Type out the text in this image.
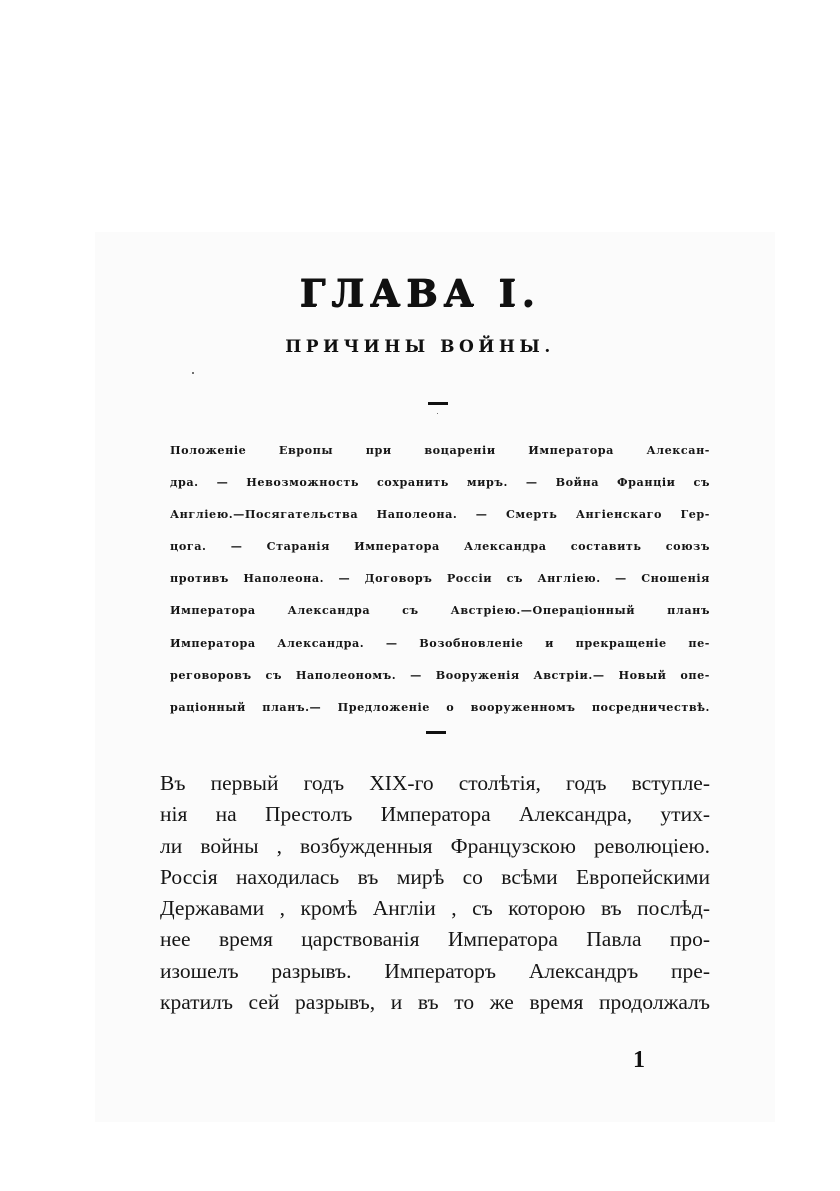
ГЛАВА I.
ПРИЧИНЫ ВОЙНЫ.
Положенiе Европы при воцаренiи Императора Алексан-
дра. — Невозможность сохранить миръ. — Война Францiи съ
Англiею.—Посягательства Наполеона. — Смерть Ангiенскаго Гер-
цога. — Старанiя Императора Александра составить союзъ
противъ Наполеона. — Договоръ Россiи съ Англiею. — Сношенiя
Императора Александра съ Австрiею.—Операцiонный планъ
Императора Александра. — Возобновленiе и прекращенiе пе-
реговоровъ съ Наполеономъ. — Вооруженiя Австрiи.— Новый опе-
рацiонный планъ.— Предложенiе о вооруженномъ посредничествѣ.
Въ первый годъ XIX-го столѣтiя, годъ вступле-
нiя на Престолъ Императора Александра, утих-
ли войны , возбужденныя Французскою революцiею.
Россiя находилась въ мирѣ со всѣми Европейскими
Державами , кромѣ Англiи , съ которою въ послѣд-
нее время царствованiя Императора Павла про-
изошелъ разрывъ. Императоръ Александръ пре-
кратилъ сей разрывъ, и въ то же время продолжалъ
1
